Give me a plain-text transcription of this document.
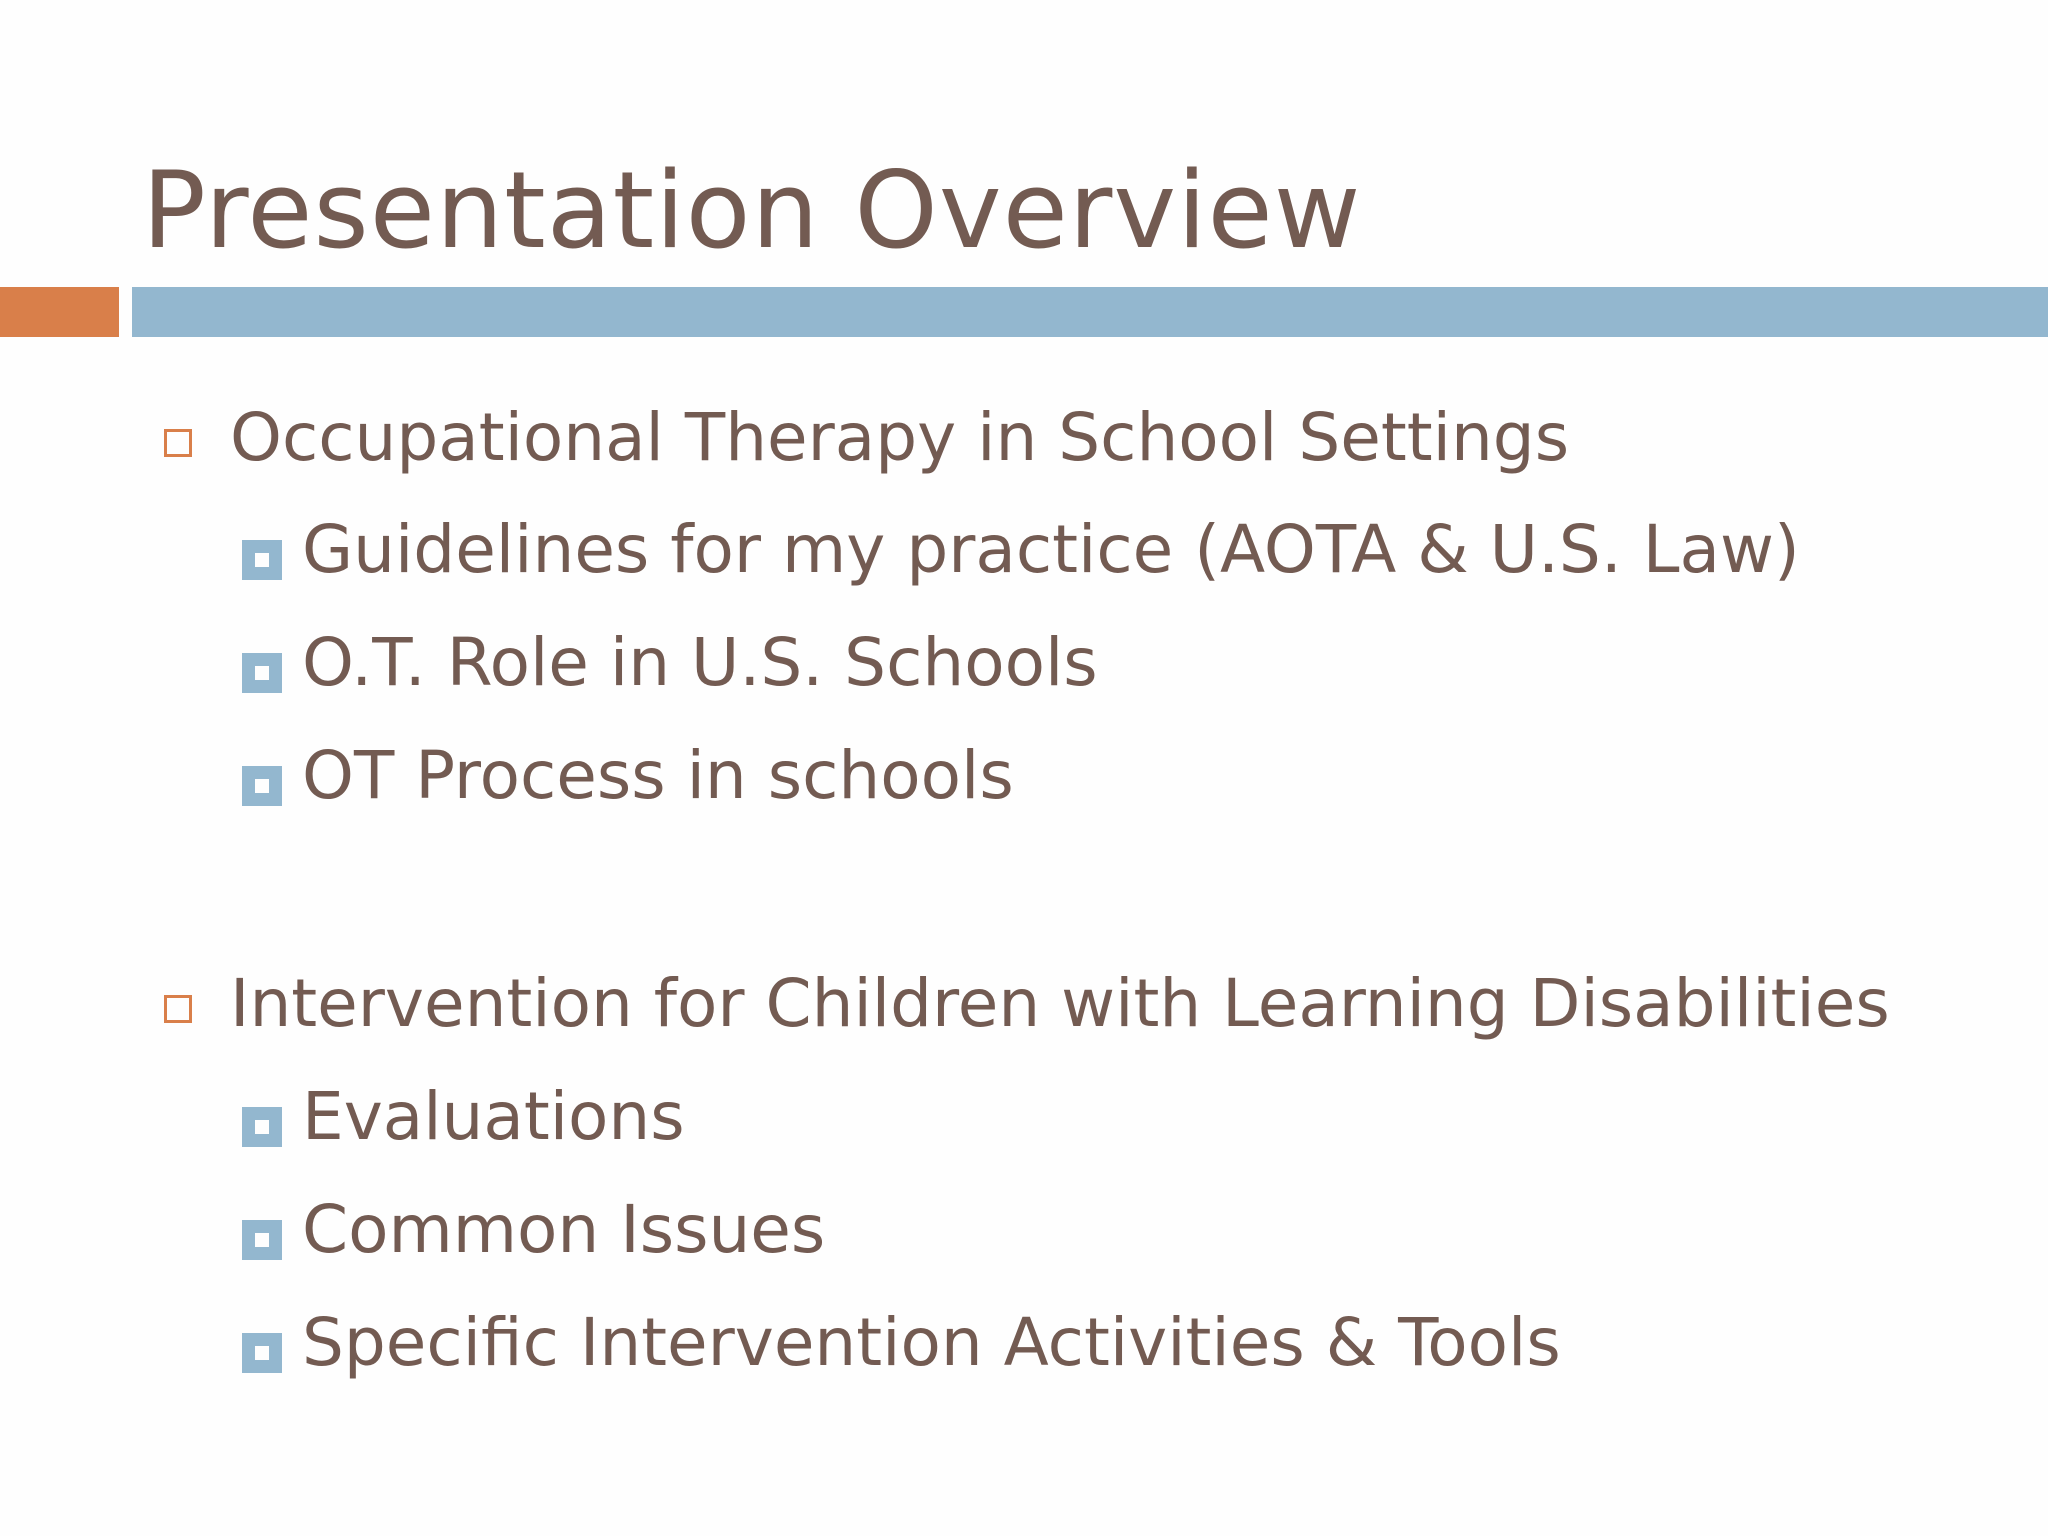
Presentation Overview
Occupational Therapy in School Settings
Guidelines for my practice (AOTA & U.S. Law)
O.T. Role in U.S. Schools
OT Process in schools
Intervention for Children with Learning Disabilities
Evaluations
Common Issues
Specific Intervention Activities & Tools
